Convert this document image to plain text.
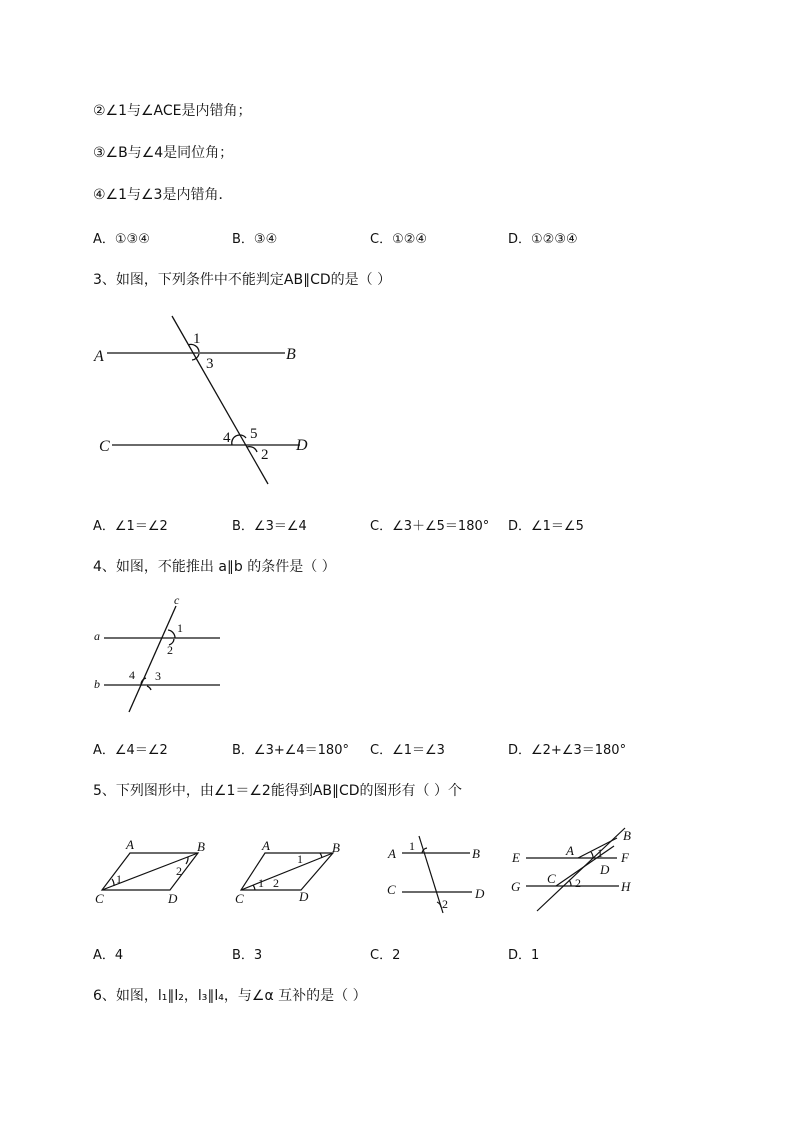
②∠1与∠ACE是内错角；
③∠B与∠4是同位角；
④∠1与∠3是内错角．
A．①③④	B．③④	C．①②④	D．①②③④
3、如图，下列条件中不能判定AB∥CD的是（ ）
A	B
C	D
1
3
4 5
2
A．∠1＝∠2	B．∠3＝∠4	C．∠3＋∠5＝180° D．∠1＝∠5
4、如图，不能推出 a∥b 的条件是（ ）
a
b
c
1
2
3
4
A．∠4＝∠2	B．∠3+∠4＝180° C．∠1＝∠3	D．∠2+∠3＝180°
5、下列图形中，由∠1＝∠2能得到AB∥CD的图形有（ ）个
A	B
C	D
A	B
C	D
A	B
C	D
A
B
E	F
C
D
G	H
1
2
1 2
1
1
2
1
2
A．4	B．3	C．2	D．1
6、如图，l₁∥l₂，l₃∥l₄，与∠α 互补的是（ ）
